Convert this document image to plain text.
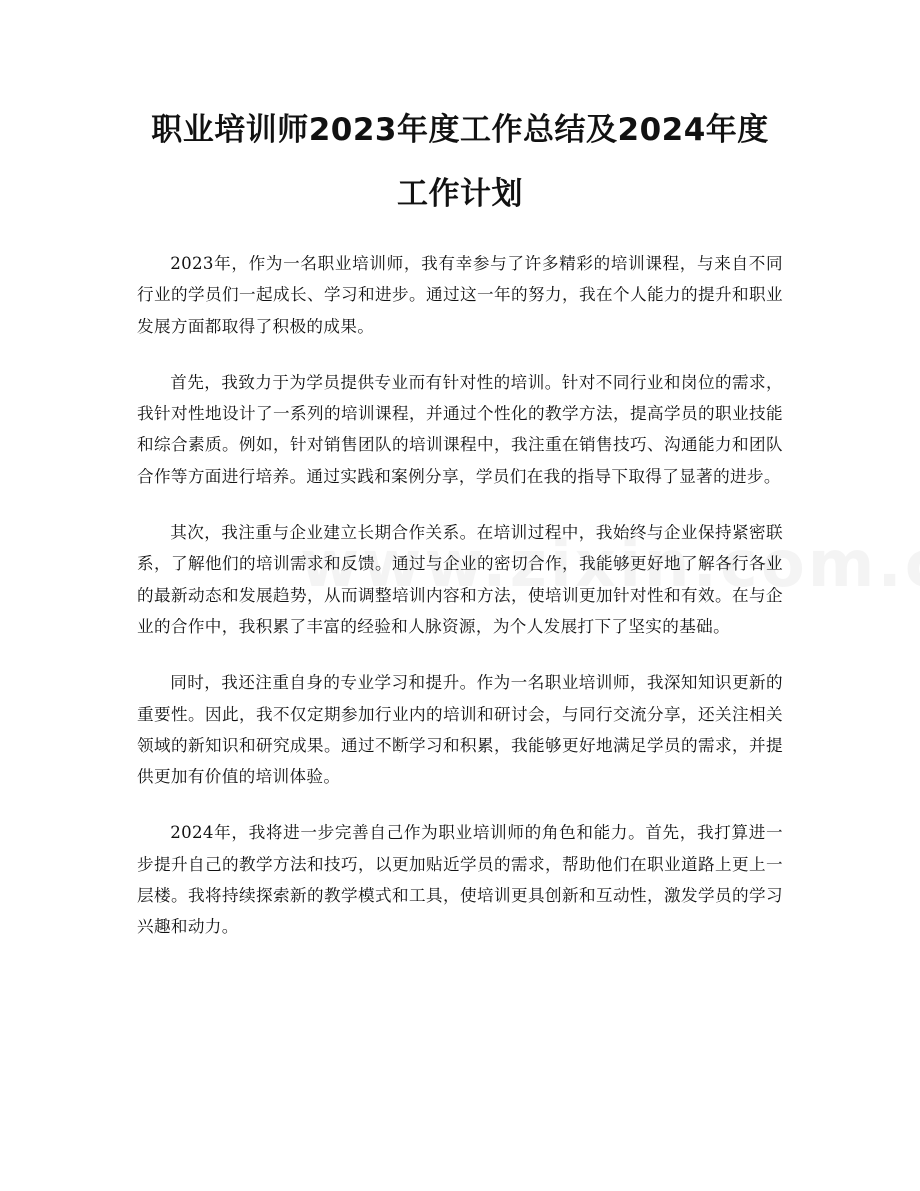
职业培训师2023年度工作总结及2024年度
工作计划

2023年，作为一名职业培训师，我有幸参与了许多精彩的培训课程，与来自不同行业的学员们一起成长、学习和进步。通过这一年的努力，我在个人能力的提升和职业发展方面都取得了积极的成果。

首先，我致力于为学员提供专业而有针对性的培训。针对不同行业和岗位的需求，我针对性地设计了一系列的培训课程，并通过个性化的教学方法，提高学员的职业技能和综合素质。例如，针对销售团队的培训课程中，我注重在销售技巧、沟通能力和团队合作等方面进行培养。通过实践和案例分享，学员们在我的指导下取得了显著的进步。

其次，我注重与企业建立长期合作关系。在培训过程中，我始终与企业保持紧密联系，了解他们的培训需求和反馈。通过与企业的密切合作，我能够更好地了解各行各业的最新动态和发展趋势，从而调整培训内容和方法，使培训更加针对性和有效。在与企业的合作中，我积累了丰富的经验和人脉资源，为个人发展打下了坚实的基础。

同时，我还注重自身的专业学习和提升。作为一名职业培训师，我深知知识更新的重要性。因此，我不仅定期参加行业内的培训和研讨会，与同行交流分享，还关注相关领域的新知识和研究成果。通过不断学习和积累，我能够更好地满足学员的需求，并提供更加有价值的培训体验。

2024年，我将进一步完善自己作为职业培训师的角色和能力。首先，我打算进一步提升自己的教学方法和技巧，以更加贴近学员的需求，帮助他们在职业道路上更上一层楼。我将持续探索新的教学模式和工具，使培训更具创新和互动性，激发学员的学习兴趣和动力。
